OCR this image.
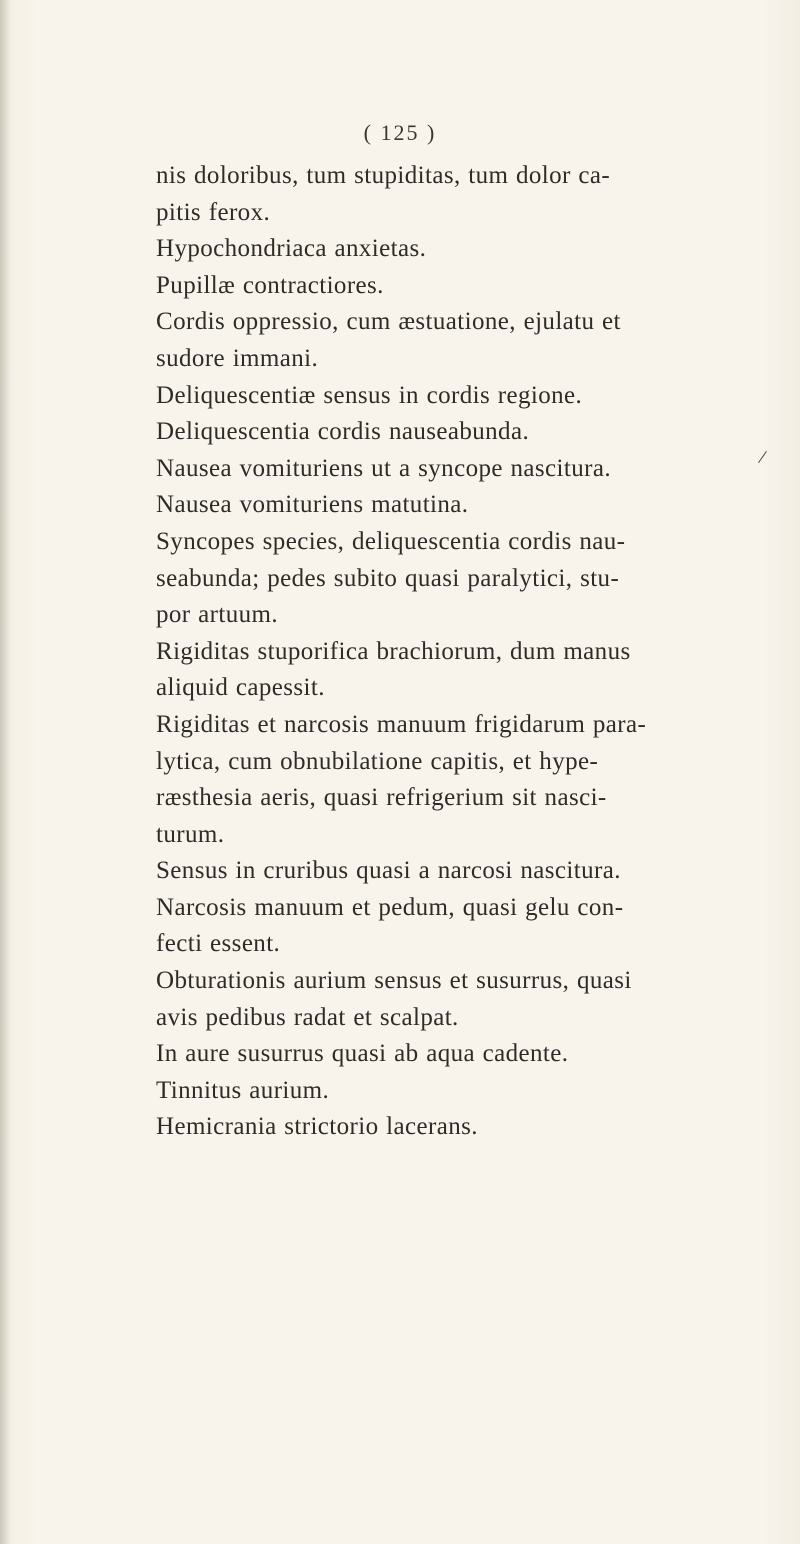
( 125 )
nis doloribus, tum stupiditas, tum dolor ca-
pitis ferox.
Hypochondriaca anxietas.
Pupillæ contractiores.
Cordis oppressio, cum æstuatione, ejulatu et
sudore immani.
Deliquescentiæ sensus in cordis regione.
Deliquescentia cordis nauseabunda.
Nausea vomituriens ut a syncope nascitura.
Nausea vomituriens matutina.
Syncopes species, deliquescentia cordis nau-
seabunda; pedes subito quasi paralytici, stu-
por artuum.
Rigiditas stuporifica brachiorum, dum manus
aliquid capessit.
Rigiditas et narcosis manuum frigidarum para-
lytica, cum obnubilatione capitis, et hype-
ræsthesia aeris, quasi refrigerium sit nasci-
turum.
Sensus in cruribus quasi a narcosi nascitura.
Narcosis manuum et pedum, quasi gelu con-
fecti essent.
Obturationis aurium sensus et susurrus, quasi
avis pedibus radat et scalpat.
In aure susurrus quasi ab aqua cadente.
Tinnitus aurium.
Hemicrania strictorio lacerans.
